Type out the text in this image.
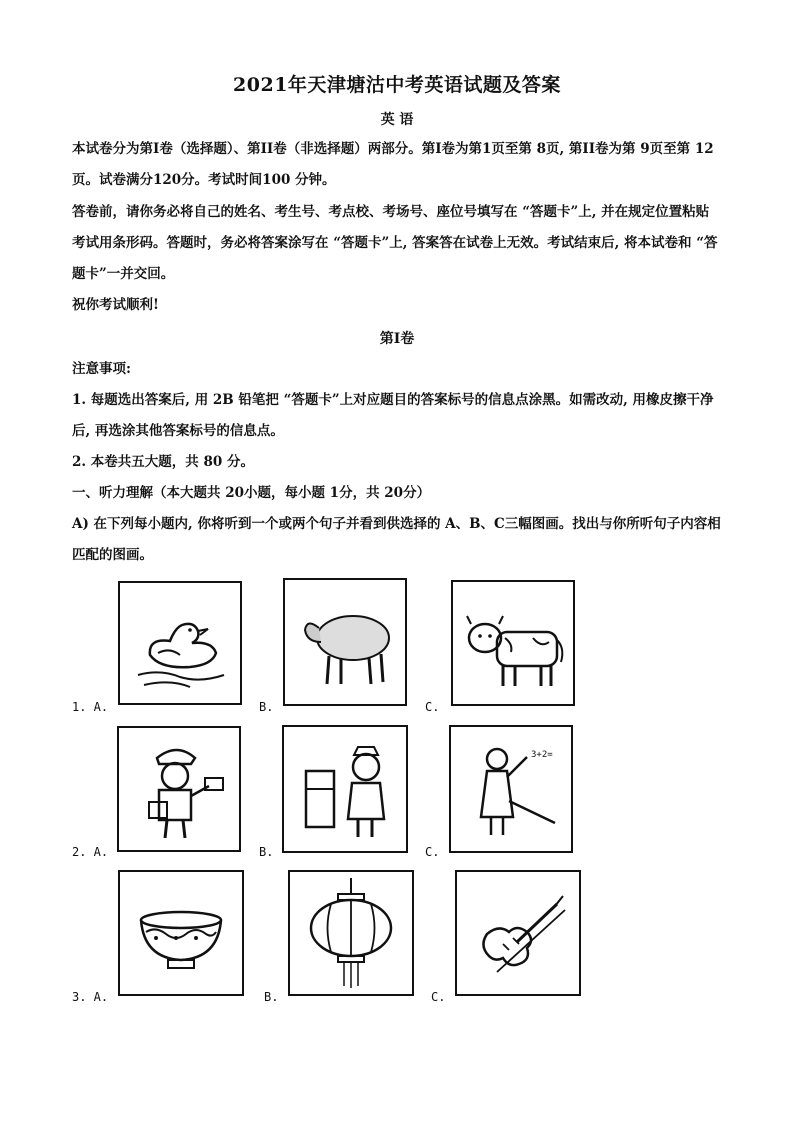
2021年天津塘沽中考英语试题及答案
英 语
本试卷分为第Ⅰ卷（选择题）、第II卷（非选择题）两部分。第Ⅰ卷为第1页至第 8页, 第II卷为第 9页至第 12 页。试卷满分120分。考试时间100 分钟。
答卷前，请你务必将自己的姓名、考生号、考点校、考场号、座位号填写在 “答题卡”上, 并在规定位置粘贴考试用条形码。答题时，务必将答案涂写在 “答题卡”上, 答案答在试卷上无效。考试结束后, 将本试卷和 “答题卡”一并交回。
祝你考试顺利!
第Ⅰ卷
注意事项:
1. 每题选出答案后, 用 2B 铅笔把 “答题卡”上对应题目的答案标号的信息点涂黑。如需改动, 用橡皮擦干净后, 再选涂其他答案标号的信息点。
2. 本卷共五大题，共 80 分。
一、听力理解（本大题共 20小题，每小题 1分，共 20分）
A) 在下列每小题内, 你将听到一个或两个句子并看到供选择的 A、B、C三幅图画。找出与你所听句子内容相匹配的图画。
1. A.	B.	C.
2. A.	B.	C.
3+2=
3. A.	B.	C.
